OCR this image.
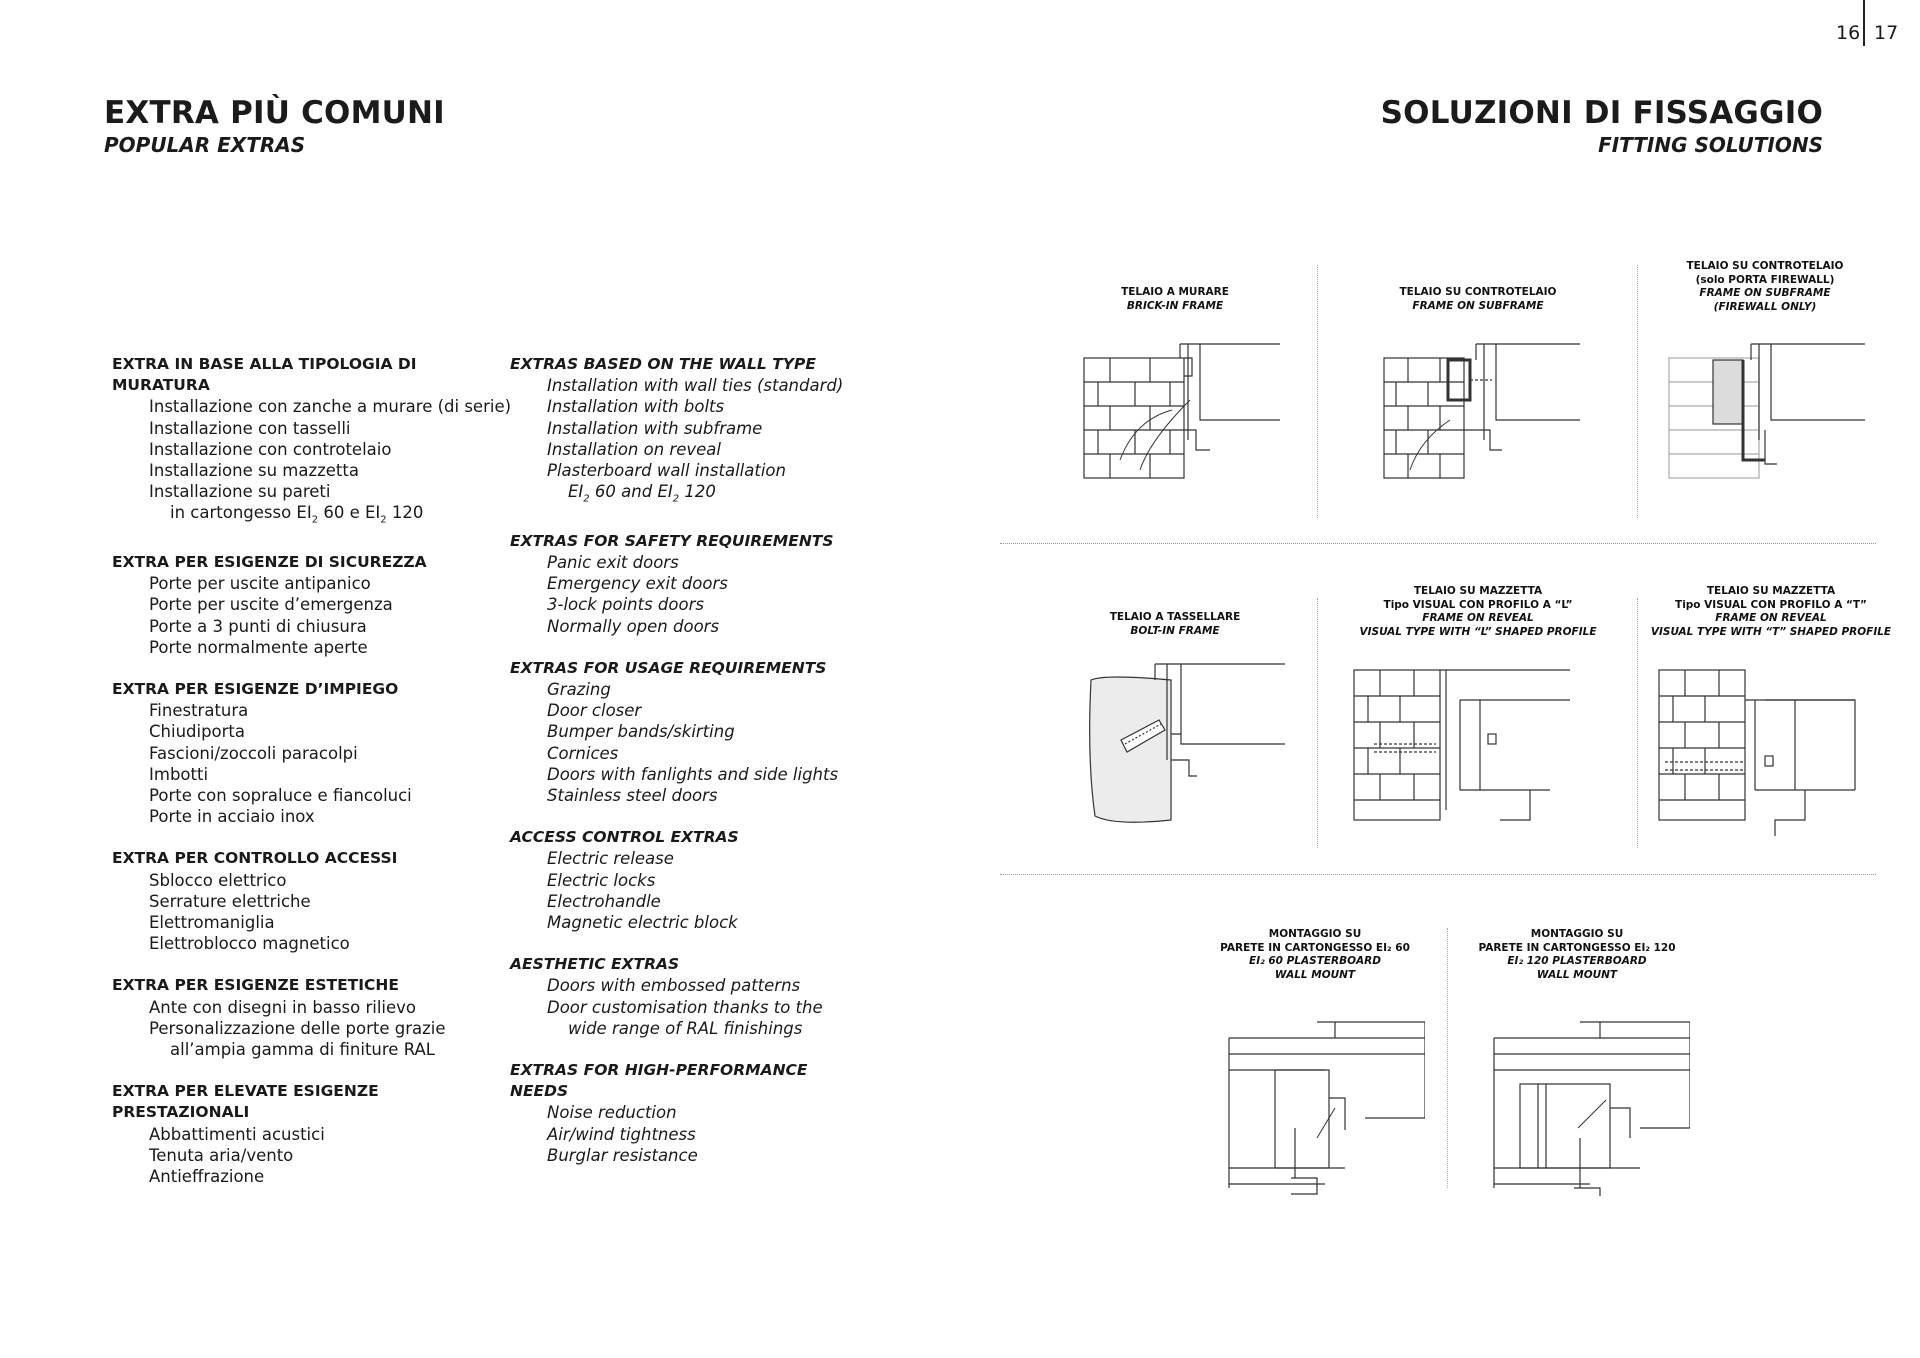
16 17
EXTRA PIÙ COMUNI
POPULAR EXTRAS
SOLUZIONI DI FISSAGGIO
FITTING SOLUTIONS
EXTRA IN BASE ALLA TIPOLOGIA DI MURATURA
Installazione con zanche a murare (di serie)
Installazione con tasselli
Installazione con controtelaio
Installazione su mazzetta
Installazione su pareti
in cartongesso $EI_2$ 60 e $EI_2$ 120
EXTRA PER ESIGENZE DI SICUREZZA
Porte per uscite antipanico
Porte per uscite d’emergenza
Porte a 3 punti di chiusura
Porte normalmente aperte
EXTRA PER ESIGENZE D’IMPIEGO
Finestratura
Chiudiporta
Fascioni/zoccoli paracolpi
Imbotti
Porte con sopraluce e fiancoluci
Porte in acciaio inox
EXTRA PER CONTROLLO ACCESSI
Sblocco elettrico
Serrature elettriche
Elettromaniglia
Elettroblocco magnetico
EXTRA PER ESIGENZE ESTETICHE
Ante con disegni in basso rilievo
Personalizzazione delle porte grazie
all’ampia gamma di finiture RAL
EXTRA PER ELEVATE ESIGENZE PRESTAZIONALI
Abbattimenti acustici
Tenuta aria/vento
Antieffrazione
EXTRAS BASED ON THE WALL TYPE
Installation with wall ties (standard)
Installation with bolts
Installation with subframe
Installation on reveal
Plasterboard wall installation
$EI_2$ 60 and $EI_2$ 120
EXTRAS FOR SAFETY REQUIREMENTS
Panic exit doors
Emergency exit doors
3-lock points doors
Normally open doors
EXTRAS FOR USAGE REQUIREMENTS
Grazing
Door closer
Bumper bands/skirting
Cornices
Doors with fanlights and side lights
Stainless steel doors
ACCESS CONTROL EXTRAS
Electric release
Electric locks
Electrohandle
Magnetic electric block
AESTHETIC EXTRAS
Doors with embossed patterns
Door customisation thanks to the
wide range of RAL finishings
EXTRAS FOR HIGH-PERFORMANCE NEEDS
Noise reduction
Air/wind tightness
Burglar resistance
TELAIO A MURARE
BRICK-IN FRAME
TELAIO SU CONTROTELAIO
FRAME ON SUBFRAME
TELAIO SU CONTROTELAIO
(solo PORTA FIREWALL)
FRAME ON SUBFRAME
(FIREWALL ONLY)
TELAIO A TASSELLARE
BOLT-IN FRAME
TELAIO SU MAZZETTA
Tipo VISUAL CON PROFILO A “L”
FRAME ON REVEAL
VISUAL TYPE WITH “L” SHAPED PROFILE
TELAIO SU MAZZETTA
Tipo VISUAL CON PROFILO A “T”
FRAME ON REVEAL
VISUAL TYPE WITH “T” SHAPED PROFILE
MONTAGGIO SU
PARETE IN CARTONGESSO EI₂ 60
EI₂ 60 PLASTERBOARD
WALL MOUNT
MONTAGGIO SU
PARETE IN CARTONGESSO EI₂ 120
EI₂ 120 PLASTERBOARD
WALL MOUNT
